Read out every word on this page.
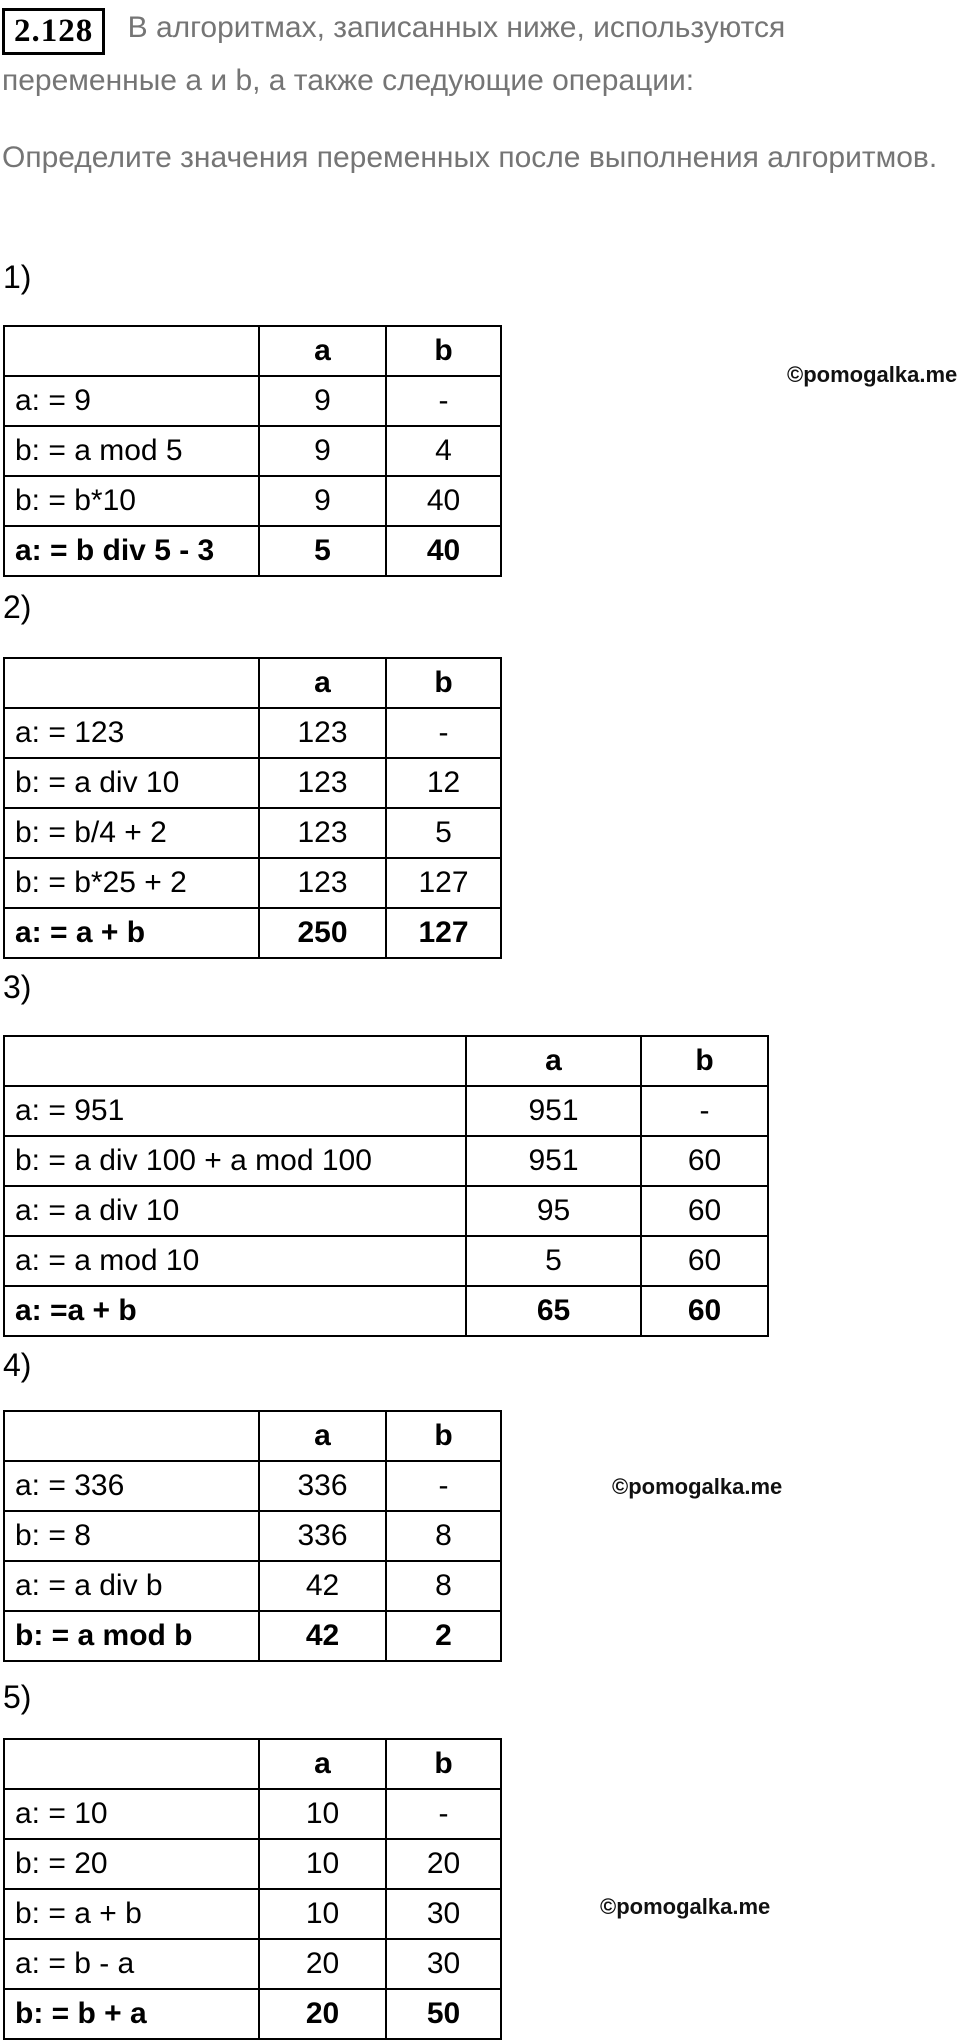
2.128 В алгоритмах, записанных ниже, используются переменные a и b, а также следующие операции:
Определите значения переменных после выполнения алгоритмов.
1)
2)
3)
4)
5)
	a	b
a: = 9	9	-
b: = a mod 5	9	4
b: = b*10	9	40
a: = b div 5 - 3	5	40
	a	b
a: = 123	123	-
b: = a div 10	123	12
b: = b/4 + 2	123	5
b: = b*25 + 2	123	127
a: = a + b	250	127
	a	b
a: = 951	951	-
b: = a div 100 + a mod 100	951	60
a: = a div 10	95	60
a: = a mod 10	5	60
a: =a + b	65	60
	a	b
a: = 336	336	-
b: = 8	336	8
a: = a div b	42	8
b: = a mod b	42	2
	a	b
a: = 10	10	-
b: = 20	10	20
b: = a + b	10	30
a: = b - a	20	30
b: = b + a	20	50
©pomogalka.me
©pomogalka.me
©pomogalka.me
